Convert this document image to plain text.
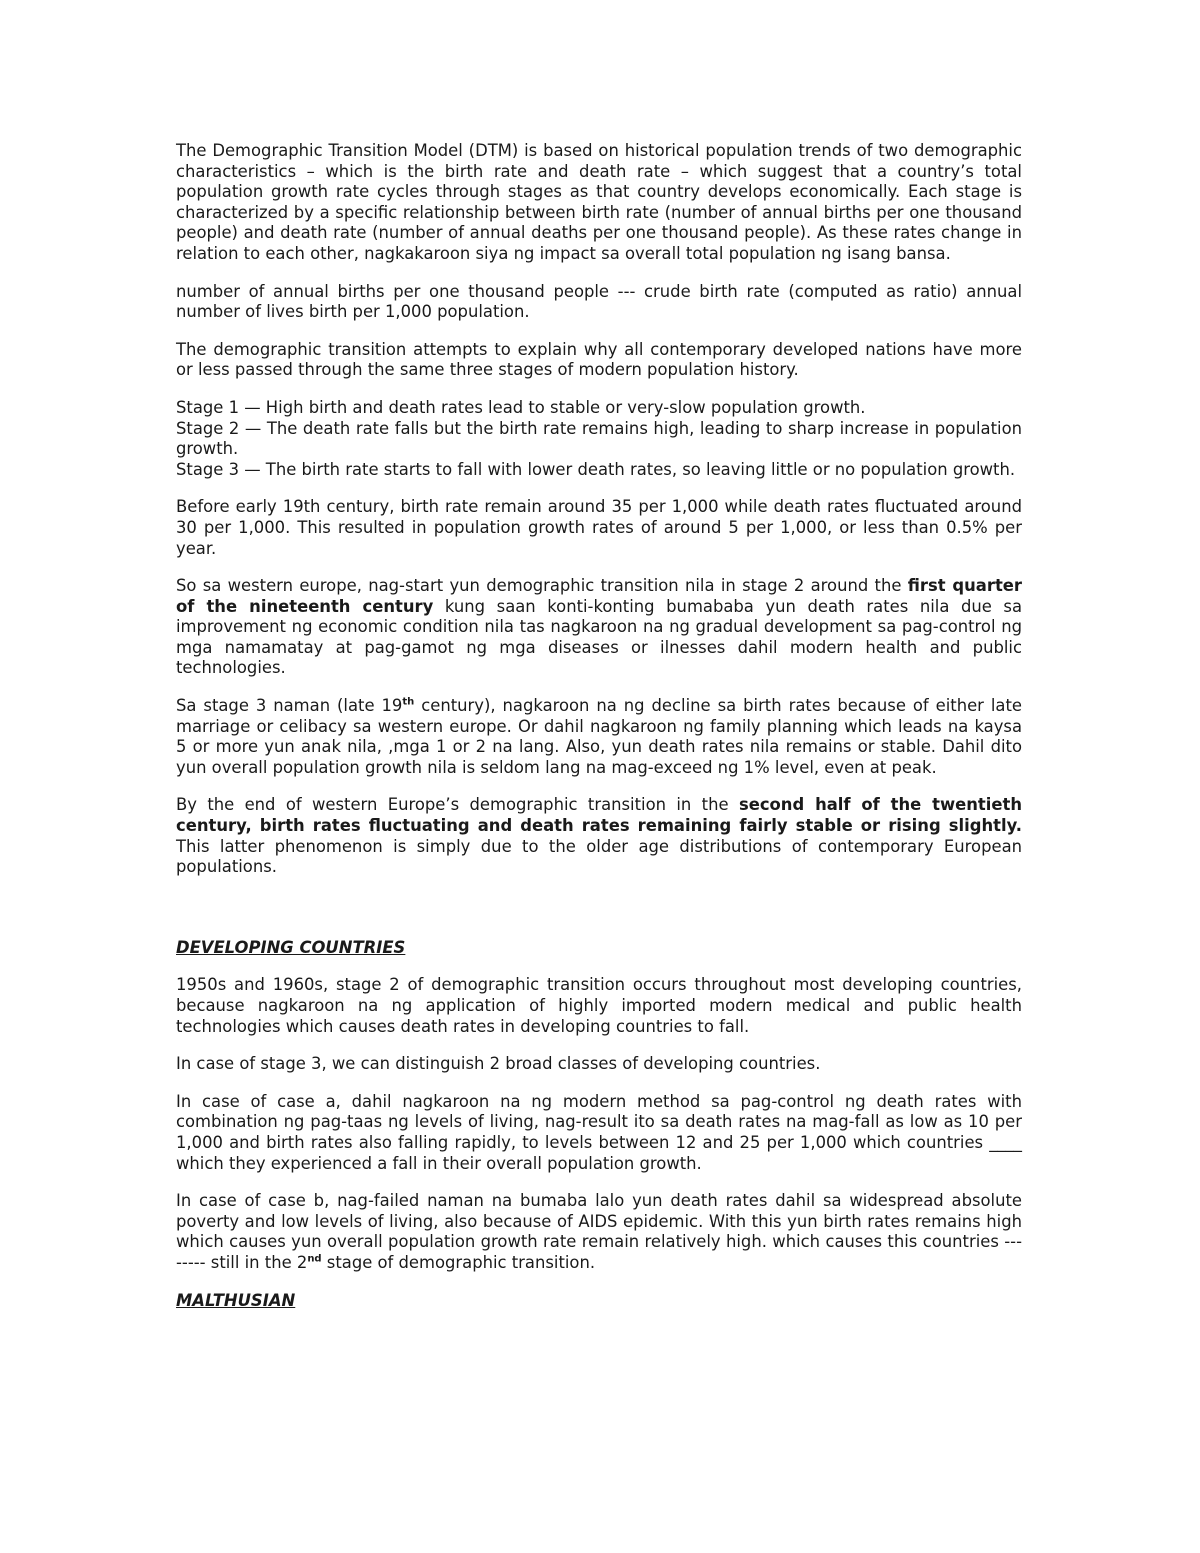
The Demographic Transition Model (DTM) is based on historical population trends of two demographic characteristics – which is the birth rate and death rate – which suggest that a country’s total population growth rate cycles through stages as that country develops economically. Each stage is characterized by a specific relationship between birth rate (number of annual births per one thousand people) and death rate (number of annual deaths per one thousand people). As these rates change in relation to each other, nagkakaroon siya ng impact sa overall total population ng isang bansa.

number of annual births per one thousand people --- crude birth rate (computed as ratio) annual number of lives birth per 1,000 population.

The demographic transition attempts to explain why all contemporary developed nations have more or less passed through the same three stages of modern population history.

Stage 1 — High birth and death rates lead to stable or very-slow population growth.

Stage 2 — The death rate falls but the birth rate remains high, leading to sharp increase in population growth.

Stage 3 — The birth rate starts to fall with lower death rates, so leaving little or no population growth.

Before early 19th century, birth rate remain around 35 per 1,000 while death rates fluctuated around 30 per 1,000. This resulted in population growth rates of around 5 per 1,000, or less than 0.5% per year.

So sa western europe, nag-start yun demographic transition nila in stage 2 around the first quarter of the nineteenth century kung saan konti-konting bumababa yun death rates nila due sa improvement ng economic condition nila tas nagkaroon na ng gradual development sa pag-control ng mga namamatay at pag-gamot ng mga diseases or ilnesses dahil modern health and public technologies.

Sa stage 3 naman (late 19th century), nagkaroon na ng decline sa birth rates because of either late marriage or celibacy sa western europe. Or dahil nagkaroon ng family planning which leads na kaysa 5 or more yun anak nila, ,mga 1 or 2 na lang. Also, yun death rates nila remains or stable. Dahil dito yun overall population growth nila is seldom lang na mag-exceed ng 1% level, even at peak.

By the end of western Europe’s demographic transition in the second half of the twentieth century, birth rates fluctuating and death rates remaining fairly stable or rising slightly. This latter phenomenon is simply due to the older age distributions of contemporary European populations.

DEVELOPING COUNTRIES

1950s and 1960s, stage 2 of demographic transition occurs throughout most developing countries, because nagkaroon na ng application of highly imported modern medical and public health technologies which causes death rates in developing countries to fall.

In case of stage 3, we can distinguish 2 broad classes of developing countries.

In case of case a, dahil nagkaroon na ng modern method sa pag-control ng death rates with combination ng pag-taas ng levels of living, nag-result ito sa death rates na mag-fall as low as 10 per 1,000 and birth rates also falling rapidly, to levels between 12 and 25 per 1,000 which countries ____ which they experienced a fall in their overall population growth.

In case of case b, nag-failed naman na bumaba lalo yun death rates dahil sa widespread absolute poverty and low levels of living, also because of AIDS epidemic. With this yun birth rates remains high which causes yun overall population growth rate remain relatively high. which causes this countries -------- still in the 2nd stage of demographic transition.

MALTHUSIAN
